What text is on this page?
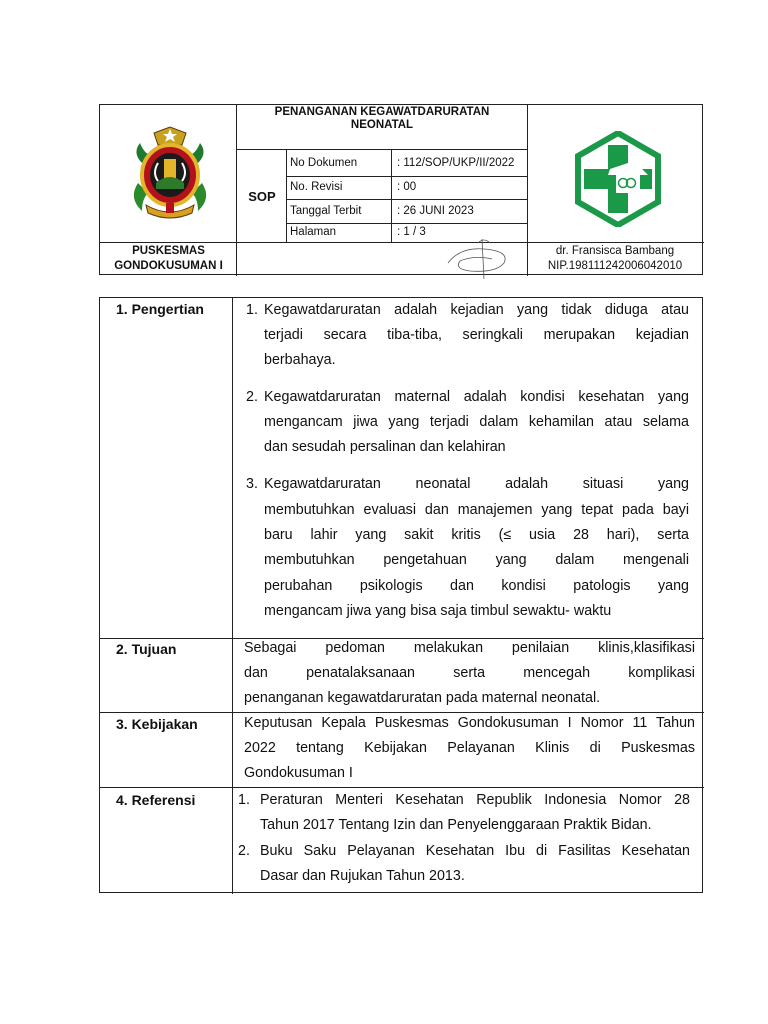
PENANGANAN KEGAWATDARURATAN
NEONATAL
SOP
No Dokumen	: 112/SOP/UKP/II/2022
No. Revisi	: 00
Tanggal Terbit	: 26 JUNI 2023
Halaman	: 1 / 3
PUSKESMAS
GONDOKUSUMAN I
dr. Fransisca Bambang
NIP.198111242006042010
1. Pengertian	1. Kegawatdaruratan adalah kejadian yang tidak diduga atau
terjadi secara tiba-tiba, seringkali merupakan kejadian
berbahaya.
2. Kegawatdaruratan maternal adalah kondisi kesehatan yang
mengancam jiwa yang terjadi dalam kehamilan atau selama
dan sesudah persalinan dan kelahiran
3. Kegawatdaruratan neonatal adalah situasi yang
membutuhkan evaluasi dan manajemen yang tepat pada bayi
baru lahir yang sakit kritis (≤ usia 28 hari), serta
membutuhkan pengetahuan yang dalam mengenali
perubahan psikologis dan kondisi patologis yang
mengancam jiwa yang bisa saja timbul sewaktu- waktu
2. Tujuan	Sebagai pedoman melakukan penilaian klinis,klasifikasi
dan penatalaksanaan serta mencegah komplikasi
penanganan kegawatdaruratan pada maternal neonatal.
3. Kebijakan	Keputusan Kepala Puskesmas Gondokusuman I Nomor 11 Tahun
2022 tentang Kebijakan Pelayanan Klinis di Puskesmas
Gondokusuman I
4. Referensi	1. Peraturan Menteri Kesehatan Republik Indonesia Nomor 28
Tahun 2017 Tentang Izin dan Penyelenggaraan Praktik Bidan.
2. Buku Saku Pelayanan Kesehatan Ibu di Fasilitas Kesehatan
Dasar dan Rujukan Tahun 2013.
